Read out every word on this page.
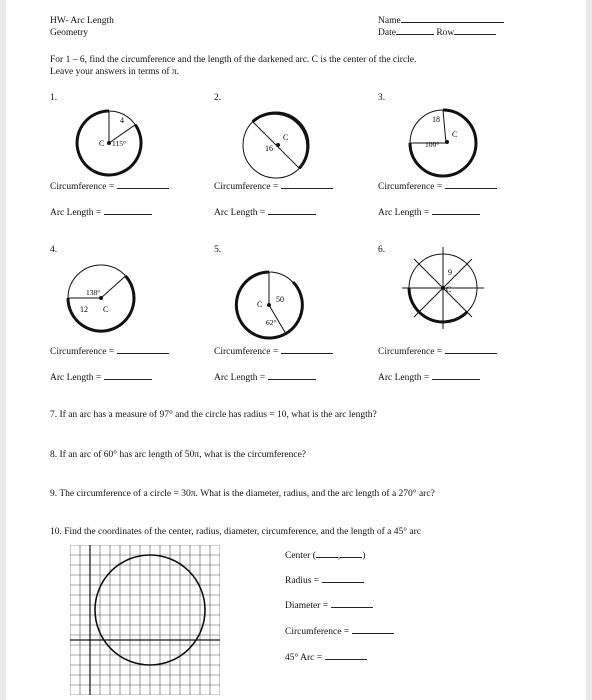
HW- Arc Length
Geometry
Name
Date	Row
For 1 – 6, find the circumference and the length of the darkened arc. C is the center of the circle.
Leave your answers in terms of π.
1.	2.	3.
4.	5.	6.
4
C 115°
C
16
18
C
100°
138°
12 C
C
50
62°
9
C
Circumference =
Arc Length =
Circumference =
Arc Length =
Circumference =
Arc Length =
Circumference =
Arc Length =
Circumference =
Arc Length =
Circumference =
Arc Length =
7. If an arc has a measure of 97° and the circle has radius = 10, what is the arc length?
8. If an arc of 60° has arc length of 50π, what is the circumference?
9. The circumference of a circle = 30π. What is the diameter, radius, and the arc length of a 270° arc?
10. Find the coordinates of the center, radius, diameter, circumference, and the length of a 45° arc
Center ( , )
Radius =
Diameter =
Circumference =
45° Arc =
